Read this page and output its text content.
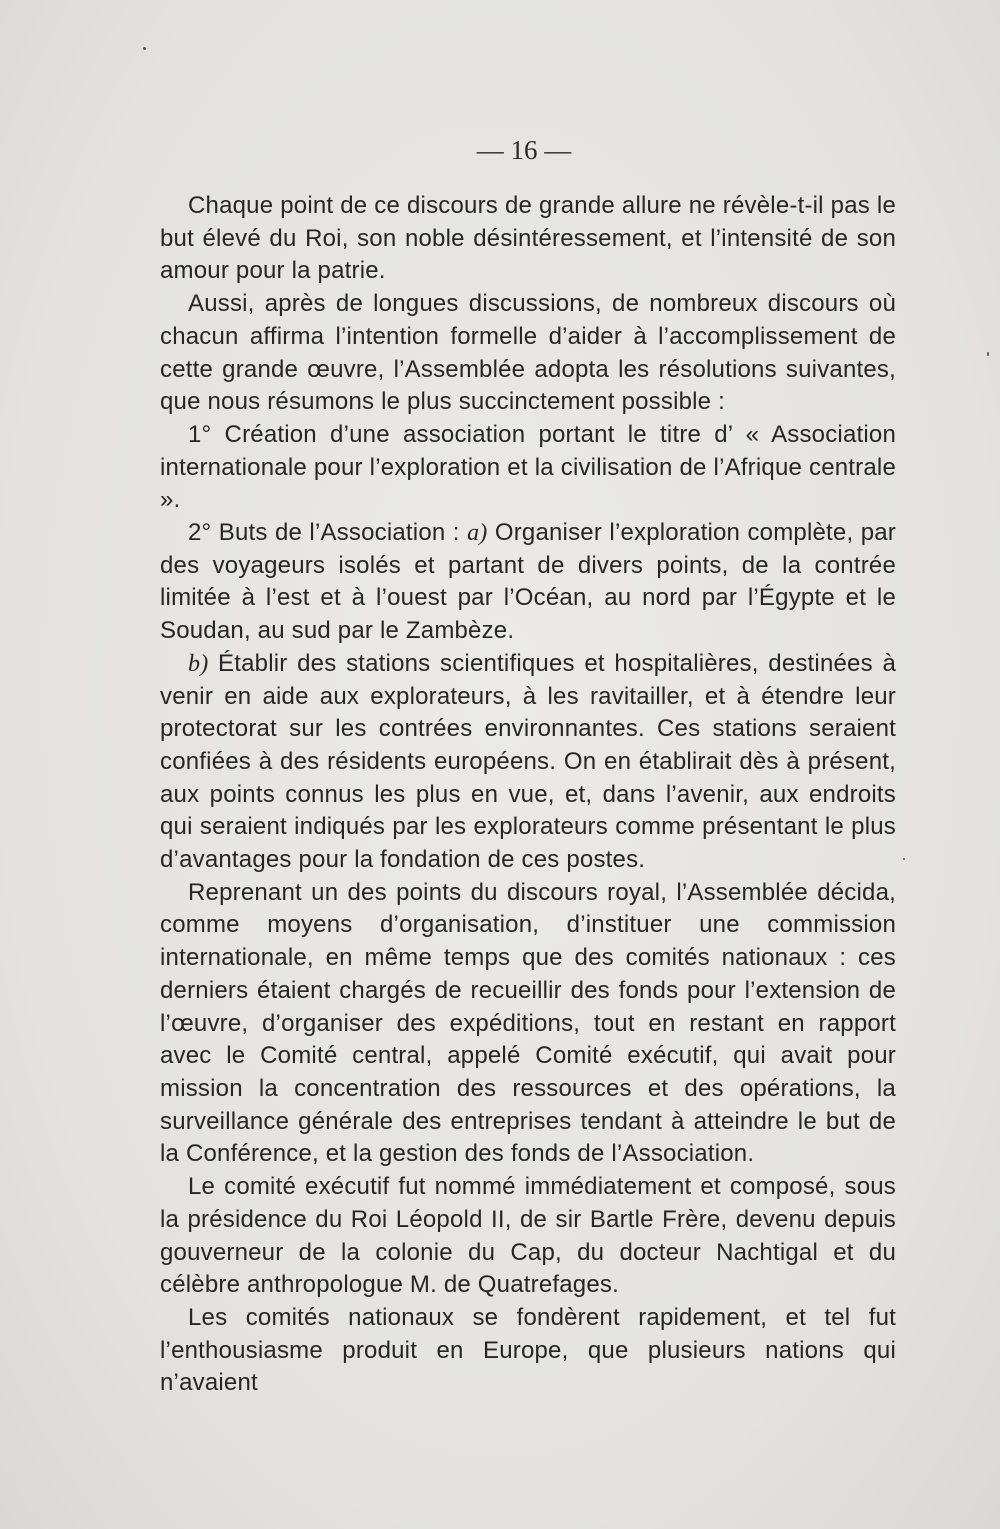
— 16 —

Chaque point de ce discours de grande allure ne révèle-t-il pas le but élevé du Roi, son noble désintéressement, et l’intensité de son amour pour la patrie.

Aussi, après de longues discussions, de nombreux discours où chacun affirma l’intention formelle d’aider à l’accomplissement de cette grande œuvre, l’Assemblée adopta les résolutions suivantes, que nous résumons le plus succinctement possible :

1° Création d’une association portant le titre d’ « Association internationale pour l’exploration et la civilisation de l’Afrique centrale ».

2° Buts de l’Association : a) Organiser l’exploration complète, par des voyageurs isolés et partant de divers points, de la contrée limitée à l’est et à l’ouest par l’Océan, au nord par l’Égypte et le Soudan, au sud par le Zambèze.

b) Établir des stations scientifiques et hospitalières, destinées à venir en aide aux explorateurs, à les ravitailler, et à étendre leur protectorat sur les contrées environnantes. Ces stations seraient confiées à des résidents européens. On en établirait dès à présent, aux points connus les plus en vue, et, dans l’avenir, aux endroits qui seraient indiqués par les explorateurs comme présentant le plus d’avantages pour la fondation de ces postes.

Reprenant un des points du discours royal, l’Assemblée décida, comme moyens d’organisation, d’instituer une commission internationale, en même temps que des comités nationaux : ces derniers étaient chargés de recueillir des fonds pour l’extension de l’œuvre, d’organiser des expéditions, tout en restant en rapport avec le Comité central, appelé Comité exécutif, qui avait pour mission la concentration des ressources et des opérations, la surveillance générale des entreprises tendant à atteindre le but de la Conférence, et la gestion des fonds de l’Association.

Le comité exécutif fut nommé immédiatement et composé, sous la présidence du Roi Léopold II, de sir Bartle Frère, devenu depuis gouverneur de la colonie du Cap, du docteur Nachtigal et du célèbre anthropologue M. de Quatrefages.

Les comités nationaux se fondèrent rapidement, et tel fut l’enthousiasme produit en Europe, que plusieurs nations qui n’avaient
